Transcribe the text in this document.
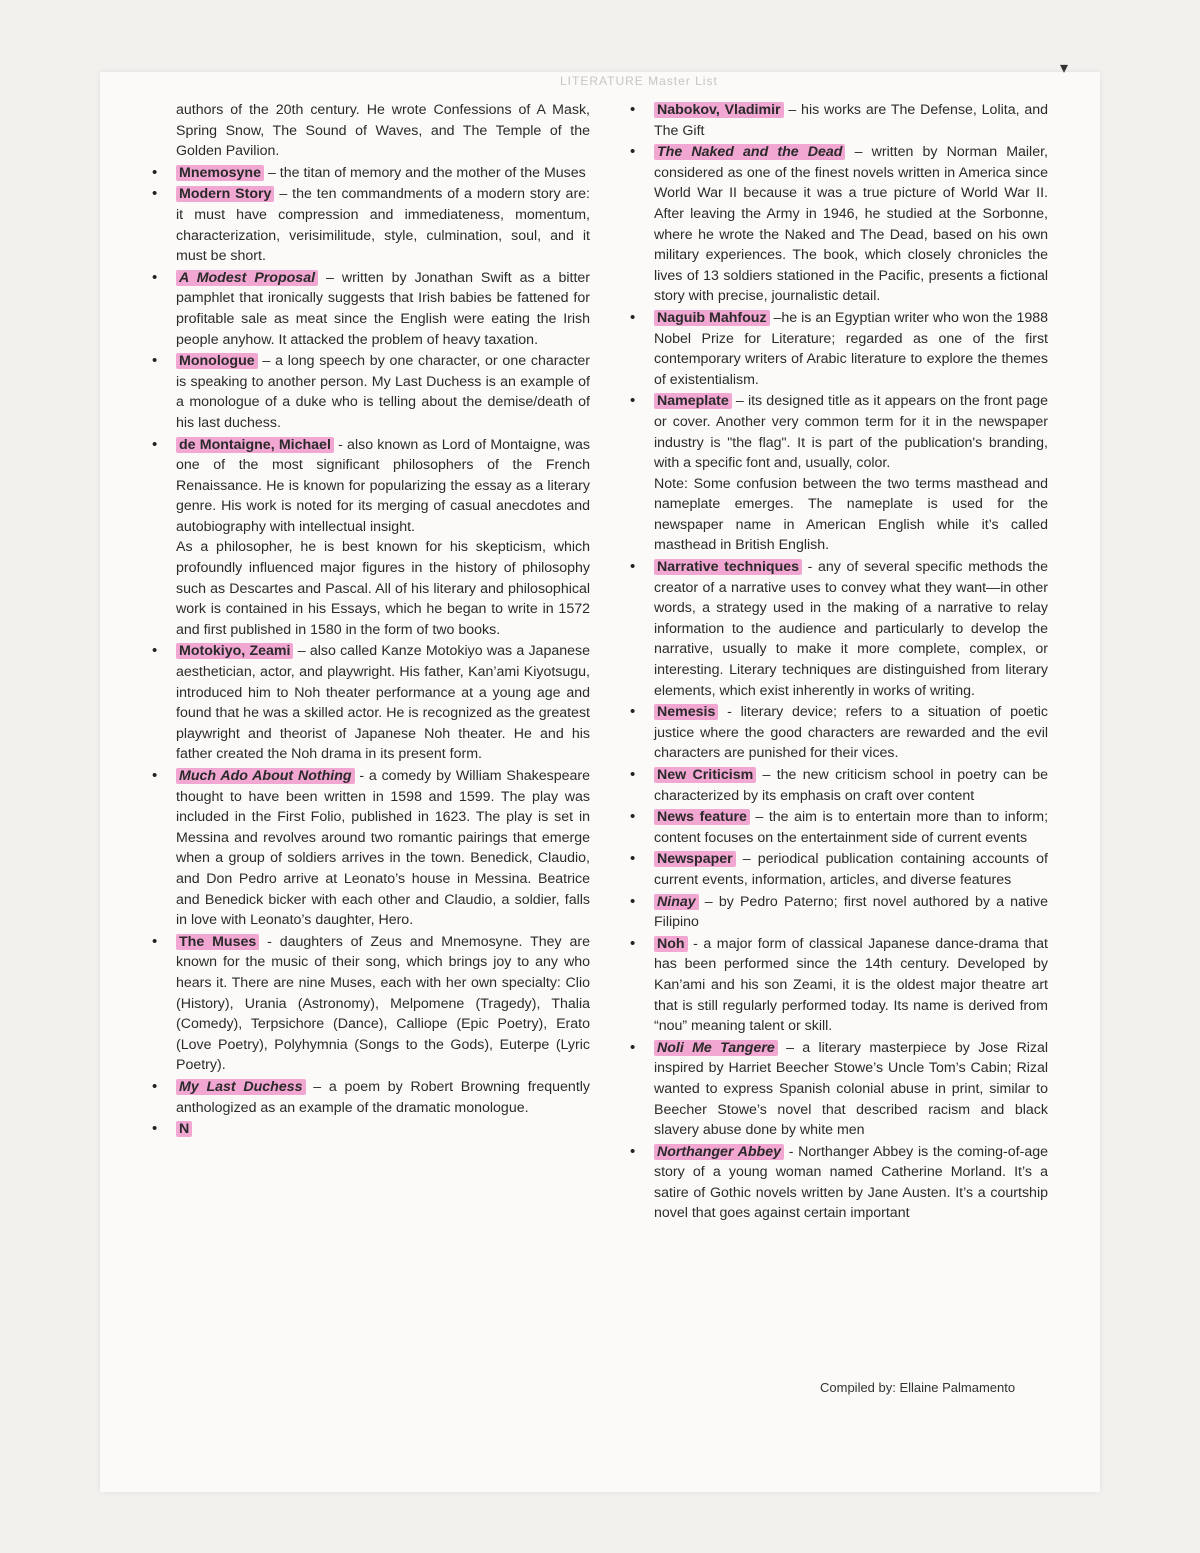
LITERATURE Master List
▾
authors of the 20th century. He wrote Confessions of A Mask, Spring Snow, The Sound of Waves, and The Temple of the Golden Pavilion.
• Mnemosyne – the titan of memory and the mother of the Muses
• Modern Story – the ten commandments of a modern story are: it must have compression and immediateness, momentum, characterization, verisimilitude, style, culmination, soul, and it must be short.
• A Modest Proposal – written by Jonathan Swift as a bitter pamphlet that ironically suggests that Irish babies be fattened for profitable sale as meat since the English were eating the Irish people anyhow. It attacked the problem of heavy taxation.
• Monologue – a long speech by one character, or one character is speaking to another person. My Last Duchess is an example of a monologue of a duke who is telling about the demise/death of his last duchess.
• de Montaigne, Michael - also known as Lord of Montaigne, was one of the most significant philosophers of the French Renaissance. He is known for popularizing the essay as a literary genre. His work is noted for its merging of casual anecdotes and autobiography with intellectual insight.
As a philosopher, he is best known for his skepticism, which profoundly influenced major figures in the history of philosophy such as Descartes and Pascal. All of his literary and philosophical work is contained in his Essays, which he began to write in 1572 and first published in 1580 in the form of two books.
• Motokiyo, Zeami – also called Kanze Motokiyo was a Japanese aesthetician, actor, and playwright. His father, Kan’ami Kiyotsugu, introduced him to Noh theater performance at a young age and found that he was a skilled actor. He is recognized as the greatest playwright and theorist of Japanese Noh theater. He and his father created the Noh drama in its present form.
• Much Ado About Nothing - a comedy by William Shakespeare thought to have been written in 1598 and 1599. The play was included in the First Folio, published in 1623. The play is set in Messina and revolves around two romantic pairings that emerge when a group of soldiers arrives in the town. Benedick, Claudio, and Don Pedro arrive at Leonato’s house in Messina. Beatrice and Benedick bicker with each other and Claudio, a soldier, falls in love with Leonato’s daughter, Hero.
• The Muses - daughters of Zeus and Mnemosyne. They are known for the music of their song, which brings joy to any who hears it. There are nine Muses, each with her own specialty: Clio (History), Urania (Astronomy), Melpomene (Tragedy), Thalia (Comedy), Terpsichore (Dance), Calliope (Epic Poetry), Erato (Love Poetry), Polyhymnia (Songs to the Gods), Euterpe (Lyric Poetry).
• My Last Duchess – a poem by Robert Browning frequently anthologized as an example of the dramatic monologue.
• N
• Nabokov, Vladimir – his works are The Defense, Lolita, and The Gift
• The Naked and the Dead – written by Norman Mailer, considered as one of the finest novels written in America since World War II because it was a true picture of World War II. After leaving the Army in 1946, he studied at the Sorbonne, where he wrote the Naked and The Dead, based on his own military experiences. The book, which closely chronicles the lives of 13 soldiers stationed in the Pacific, presents a fictional story with precise, journalistic detail.
• Naguib Mahfouz –he is an Egyptian writer who won the 1988 Nobel Prize for Literature; regarded as one of the first contemporary writers of Arabic literature to explore the themes of existentialism.
• Nameplate – its designed title as it appears on the front page or cover. Another very common term for it in the newspaper industry is "the flag". It is part of the publication's branding, with a specific font and, usually, color.
Note: Some confusion between the two terms masthead and nameplate emerges. The nameplate is used for the newspaper name in American English while it’s called masthead in British English.
• Narrative techniques - any of several specific methods the creator of a narrative uses to convey what they want—in other words, a strategy used in the making of a narrative to relay information to the audience and particularly to develop the narrative, usually to make it more complete, complex, or interesting. Literary techniques are distinguished from literary elements, which exist inherently in works of writing.
• Nemesis - literary device; refers to a situation of poetic justice where the good characters are rewarded and the evil characters are punished for their vices.
• New Criticism – the new criticism school in poetry can be characterized by its emphasis on craft over content
• News feature – the aim is to entertain more than to inform; content focuses on the entertainment side of current events
• Newspaper – periodical publication containing accounts of current events, information, articles, and diverse features
• Ninay – by Pedro Paterno; first novel authored by a native Filipino
• Noh - a major form of classical Japanese dance-drama that has been performed since the 14th century. Developed by Kan’ami and his son Zeami, it is the oldest major theatre art that is still regularly performed today. Its name is derived from “nou” meaning talent or skill.
• Noli Me Tangere – a literary masterpiece by Jose Rizal inspired by Harriet Beecher Stowe’s Uncle Tom’s Cabin; Rizal wanted to express Spanish colonial abuse in print, similar to Beecher Stowe’s novel that described racism and black slavery abuse done by white men
• Northanger Abbey - Northanger Abbey is the coming-of-age story of a young woman named Catherine Morland. It’s a satire of Gothic novels written by Jane Austen. It’s a courtship novel that goes against certain important
Compiled by: Ellaine Palmamento
